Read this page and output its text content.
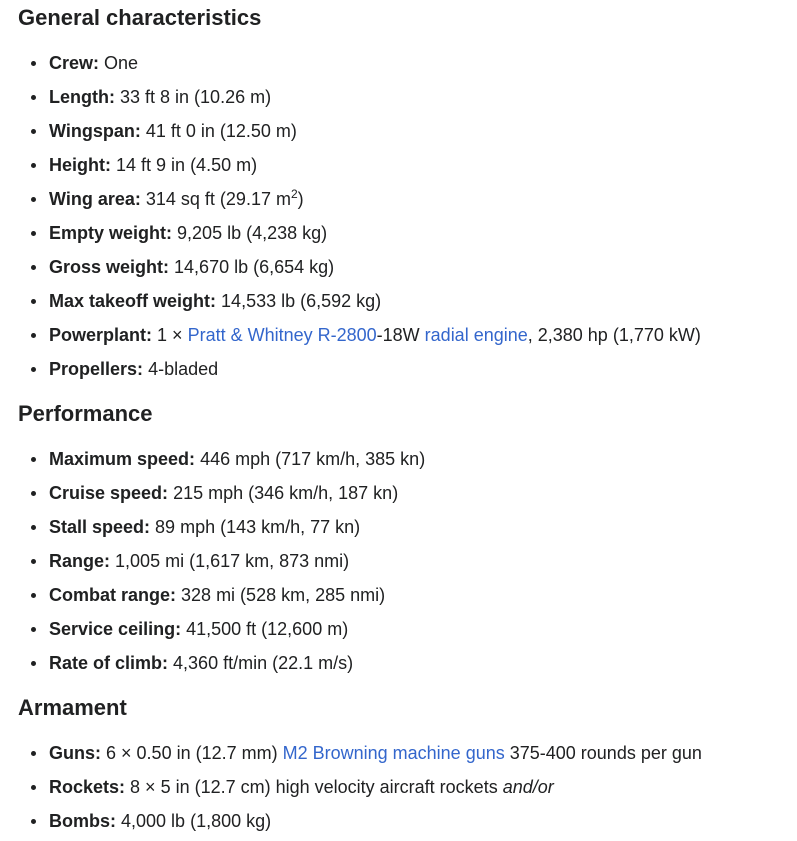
General characteristics
Crew: One
Length: 33 ft 8 in (10.26 m)
Wingspan: 41 ft 0 in (12.50 m)
Height: 14 ft 9 in (4.50 m)
Wing area: 314 sq ft (29.17 $m^2$)
Empty weight: 9,205 lb (4,238 kg)
Gross weight: 14,670 lb (6,654 kg)
Max takeoff weight: 14,533 lb (6,592 kg)
Powerplant: 1 × Pratt & Whitney R-2800-18W radial engine, 2,380 hp (1,770 kW)
Propellers: 4-bladed
Performance
Maximum speed: 446 mph (717 km/h, 385 kn)
Cruise speed: 215 mph (346 km/h, 187 kn)
Stall speed: 89 mph (143 km/h, 77 kn)
Range: 1,005 mi (1,617 km, 873 nmi)
Combat range: 328 mi (528 km, 285 nmi)
Service ceiling: 41,500 ft (12,600 m)
Rate of climb: 4,360 ft/min (22.1 m/s)
Armament
Guns: 6 × 0.50 in (12.7 mm) M2 Browning machine guns 375-400 rounds per gun
Rockets: 8 × 5 in (12.7 cm) high velocity aircraft rockets and/or
Bombs: 4,000 lb (1,800 kg)
